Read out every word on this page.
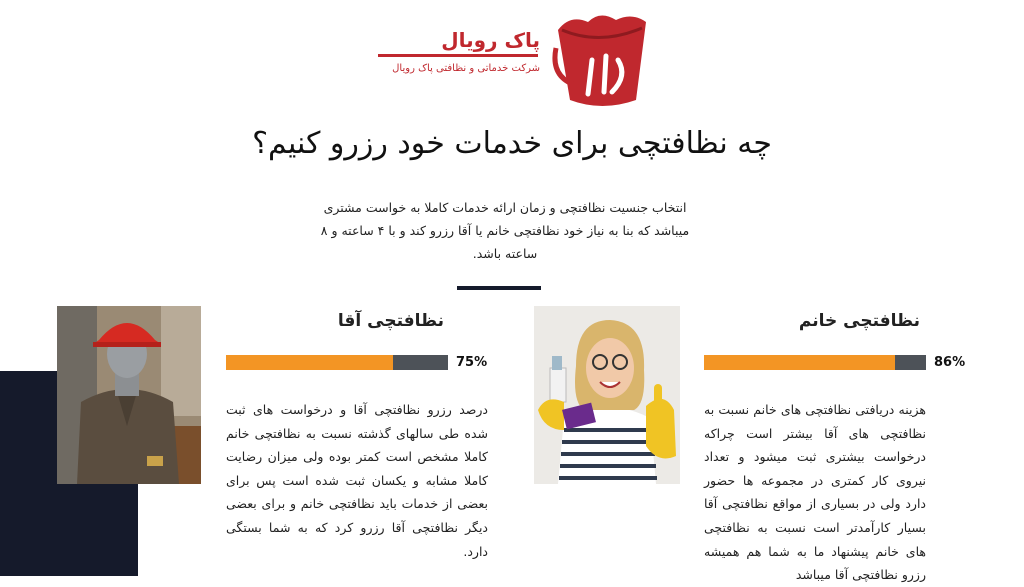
پاک رویال
شرکت خدماتی و نظافتی پاک رویال
چه نظافتچی برای خدمات خود رزرو کنیم؟
انتخاب جنسیت نظافتچی و زمان ارائه خدمات کاملا به خواست مشتری میباشد که بنا به نیاز خود نظافتچی خانم یا آقا رزرو کند و با ۴ ساعته و ۸ ساعته باشد.
نظافتچی آقا
75%
درصد رزرو نظافتچی آقا و درخواست های ثبت شده طی سالهای گذشته نسبت به نظافتچی خانم کاملا مشخص است کمتر بوده ولی میزان رضایت کاملا مشابه و یکسان ثبت شده است پس برای بعضی از خدمات باید نظافتچی خانم و برای بعضی دیگر نظافتچی آقا رزرو کرد که به شما بستگی دارد.
نظافتچی خانم
86%
هزینه دریافتی نظافتچی های خانم نسبت به نظافتچی های آقا بیشتر است چراکه درخواست بیشتری ثبت میشود و تعداد نیروی کار کمتری در مجموعه ها حضور دارد ولی در بسیاری از مواقع نظافتچی آقا بسیار کارآمدتر است نسبت به نظافتچی های خانم پیشنهاد ما به شما هم همیشه رزرو نظافتچی آقا میباشد
